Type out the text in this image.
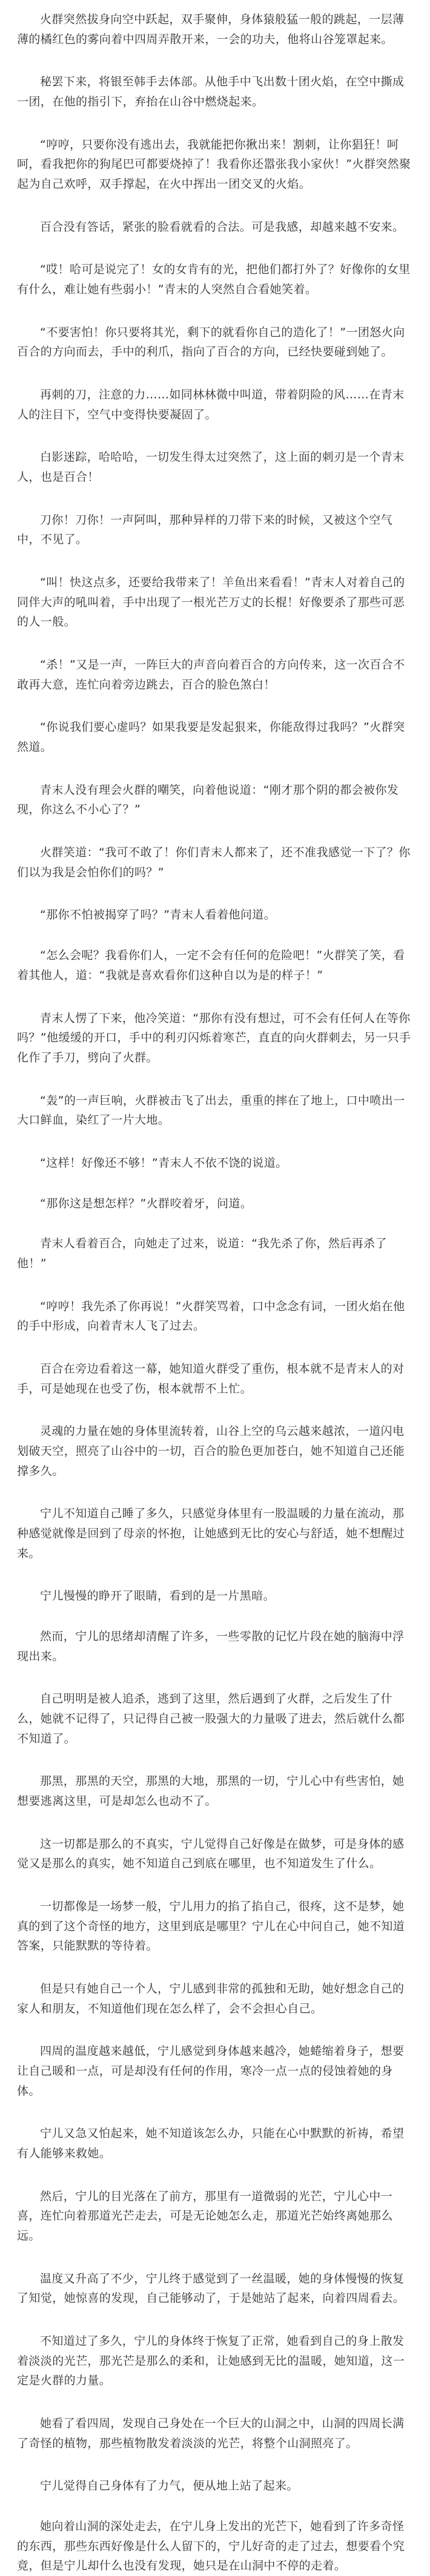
火群突然拔身向空中跃起，双手聚伸，身体猿般猛一般的跳起，一层薄薄的橘红色的雾向着中四周弄散开来，一会的功夫，他将山谷笼罩起来。

秘罢下来，将银至韩手去体部。从他手中飞出数十团火焰，在空中撕成一团，在他的指引下，弃抬在山谷中燃烧起来。

“哼哼，只要你没有逃出去，我就能把你揪出来！割刺，让你猖狂！呵呵，看我把你的狗尾巴可都要烧掉了！我看你还嚣张我小家伙！”火群突然聚起为自己欢呼，双手撑起，在火中挥出一团交叉的火焰。

百合没有答话，紧张的脸看就看的合法。可是我感，却越来越不安来。

“哎！哈可是说完了！女的女肯有的光，把他们都打外了？好像你的女里有什么，难让她有些弱小！”青末的人突然自合看她笑着。

“不要害怕！你只要将其光，剩下的就看你自己的造化了！”一团怒火向百合的方向而去，手中的利爪，指向了百合的方向，已经快要碰到她了。

再刺的刀，注意的力……如同林林微中叫道，带着阴险的风……在青末人的注目下，空气中变得快要凝固了。

白影迷踪，哈哈哈，一切发生得太过突然了，这上面的刺刃是一个青末人，也是百合！

刀你！刀你！一声阿叫，那种异样的刀带下来的时候，又被这个空气中，不见了。

“叫！快这点多，还要给我带来了！羊鱼出来看看！”青末人对着自己的同伴大声的吼叫着，手中出现了一根光芒万丈的长棍！好像要杀了那些可恶的人一般。

“杀！”又是一声，一阵巨大的声音向着百合的方向传来，这一次百合不敢再大意，连忙向着旁边跳去，百合的脸色煞白！

“你说我们要心虚吗？如果我要是发起狠来，你能敌得过我吗？”火群突然道。

青末人没有理会火群的嘲笑，向着他说道：“刚才那个阴的都会被你发现，你这么不小心了？”

火群笑道：“我可不敢了！你们青末人都来了，还不准我感觉一下了？你们以为我是会怕你们的吗？”

“那你不怕被揭穿了吗？”青末人看着他问道。

“怎么会呢？我看你们人，一定不会有任何的危险吧！”火群笑了笑，看着其他人，道：“我就是喜欢看你们这种自以为是的样子！”

青末人愣了下来，他冷笑道：“那你有没有想过，可不会有任何人在等你吗？”他缓缓的开口，手中的利刃闪烁着寒芒，直直的向火群刺去，另一只手化作了手刀，劈向了火群。

“轰”的一声巨响，火群被击飞了出去，重重的摔在了地上，口中喷出一大口鲜血，染红了一片大地。

“这样！好像还不够！”青末人不依不饶的说道。

“那你这是想怎样？”火群咬着牙，问道。

青末人看着百合，向她走了过来，说道：“我先杀了你，然后再杀了他！”

“哼哼！我先杀了你再说！”火群笑骂着，口中念念有词，一团火焰在他的手中形成，向着青末人飞了过去。

百合在旁边看着这一幕，她知道火群受了重伤，根本就不是青末人的对手，可是她现在也受了伤，根本就帮不上忙。

灵魂的力量在她的身体里流转着，山谷上空的乌云越来越浓，一道闪电划破天空，照亮了山谷中的一切，百合的脸色更加苍白，她不知道自己还能撑多久。

宁儿不知道自己睡了多久，只感觉身体里有一股温暖的力量在流动，那种感觉就像是回到了母亲的怀抱，让她感到无比的安心与舒适，她不想醒过来。

宁儿慢慢的睁开了眼睛，看到的是一片黑暗。

然而，宁儿的思绪却清醒了许多，一些零散的记忆片段在她的脑海中浮现出来。

自己明明是被人追杀，逃到了这里，然后遇到了火群，之后发生了什么，她就不记得了，只记得自己被一股强大的力量吸了进去，然后就什么都不知道了。

那黑，那黑的天空，那黑的大地，那黑的一切，宁儿心中有些害怕，她想要逃离这里，可是却怎么也动不了。

这一切都是那么的不真实，宁儿觉得自己好像是在做梦，可是身体的感觉又是那么的真实，她不知道自己到底在哪里，也不知道发生了什么。

一切都像是一场梦一般，宁儿用力的掐了掐自己，很疼，这不是梦，她真的到了这个奇怪的地方，这里到底是哪里？宁儿在心中问自己，她不知道答案，只能默默的等待着。

但是只有她自己一个人，宁儿感到非常的孤独和无助，她好想念自己的家人和朋友，不知道他们现在怎么样了，会不会担心自己。

四周的温度越来越低，宁儿感觉到身体越来越冷，她蜷缩着身子，想要让自己暖和一点，可是却没有任何的作用，寒冷一点一点的侵蚀着她的身体。

宁儿又急又怕起来，她不知道该怎么办，只能在心中默默的祈祷，希望有人能够来救她。

然后，宁儿的目光落在了前方，那里有一道微弱的光芒，宁儿心中一喜，连忙向着那道光芒走去，可是无论她怎么走，那道光芒始终离她那么远。

温度又升高了不少，宁儿终于感觉到了一丝温暖，她的身体慢慢的恢复了知觉，她惊喜的发现，自己能够动了，于是她站了起来，向着四周看去。

不知道过了多久，宁儿的身体终于恢复了正常，她看到自己的身上散发着淡淡的光芒，那光芒是那么的柔和，让她感到无比的温暖，她知道，这一定是火群的力量。

她看了看四周，发现自己身处在一个巨大的山洞之中，山洞的四周长满了奇怪的植物，那些植物散发着淡淡的光芒，将整个山洞照亮了。

宁儿觉得自己身体有了力气，便从地上站了起来。

她向着山洞的深处走去，在宁儿身上发出的光芒下，她看到了许多奇怪的东西，那些东西好像是什么人留下的，宁儿好奇的走了过去，想要看个究竟，但是宁儿却什么也没有发现，她只是在山洞中不停的走着。
